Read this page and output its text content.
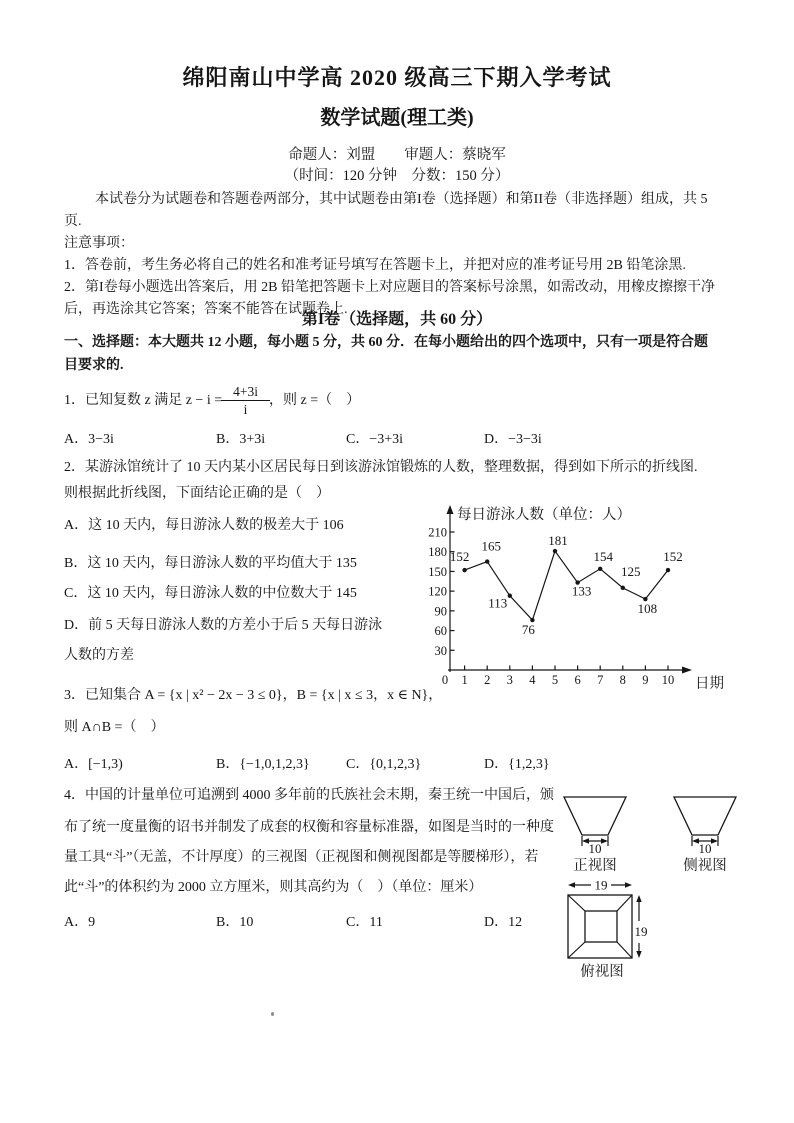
绵阳南山中学高 2020 级高三下期入学考试
数学试题(理工类)
命题人：刘盟　　审题人：蔡晓军
（时间：120 分钟　分数：150 分）
本试卷分为试题卷和答题卷两部分，其中试题卷由第I卷（选择题）和第II卷（非选择题）组成，共 5
页.
注意事项：
1．答卷前，考生务必将自己的姓名和准考证号填写在答题卡上，并把对应的准考证号用 2B 铅笔涂黑.
2．第I卷每小题选出答案后，用 2B 铅笔把答题卡上对应题目的答案标号涂黑，如需改动，用橡皮擦擦干净
后，再选涂其它答案；答案不能答在试题卷上.
第I卷（选择题，共 60 分）
一、选择题：本大题共 12 小题，每小题 5 分，共 60 分．在每小题给出的四个选项中，只有一项是符合题
目要求的.
1．已知复数 z 满足 $z - i = \frac{4+3i}{i}$ ，则 z =（　）
A．3−3i	B．3+3i	C．−3+3i	D．−3−3i
2．某游泳馆统计了 10 天内某小区居民每日到该游泳馆锻炼的人数，整理数据，得到如下所示的折线图.
则根据此折线图，下面结论正确的是（　）
A．这 10 天内，每日游泳人数的极差大于 106
B．这 10 天内，每日游泳人数的平均值大于 135
C．这 10 天内，每日游泳人数的中位数大于 145
D．前 5 天每日游泳人数的方差小于后 5 天每日游泳
人数的方差
每日游泳人数（单位：人）
日期
30
60
90
120
150
180
210
0 1 2 3 4 5 6 7 8 9 10
152
165
113
76
181
133
154
125
108
152
3．已知集合 A = {x | x² − 2x − 3 ≤ 0}，B = {x | x ≤ 3，x ∈ N}，
则 A∩B =（　）
A．[−1,3)	B．{−1,0,1,2,3}	C．{0,1,2,3}	D．{1,2,3}
4．中国的计量单位可追溯到 4000 多年前的氏族社会末期，秦王统一中国后，颁
布了统一度量衡的诏书并制发了成套的权衡和容量标准器，如图是当时的一种度
量工具“斗”（无盖，不计厚度）的三视图（正视图和侧视图都是等腰梯形），若
此“斗”的体积约为 2000 立方厘米，则其高约为（　）（单位：厘米）
A．9	B．10	C．11	D．12
10
正视图
10
侧视图
19
19
俯视图
